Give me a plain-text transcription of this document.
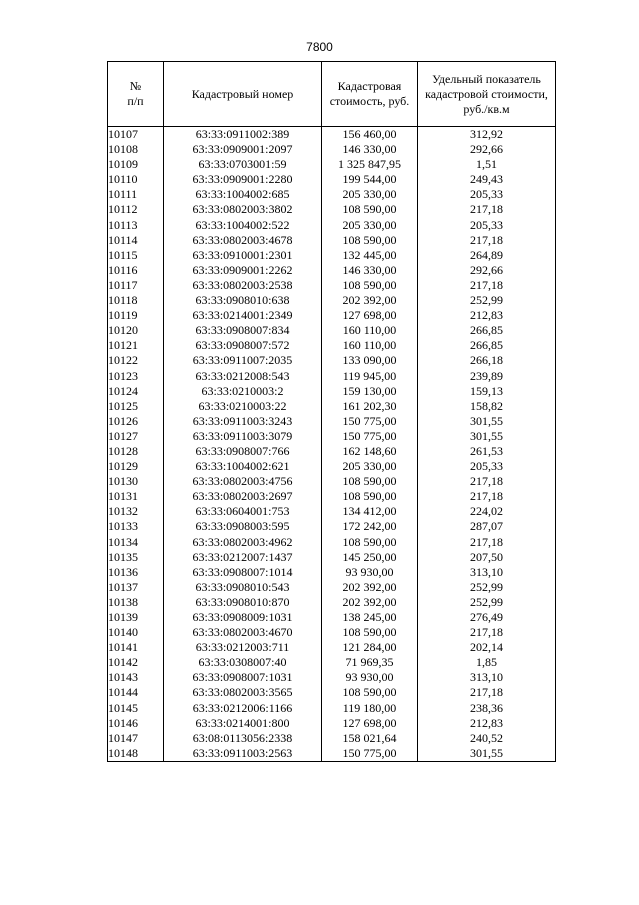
7800
№
п/п	Кадастровый номер	Кадастровая стоимость, руб.	Удельный показатель кадастровой стоимости, руб./кв.м
10107	63:33:0911002:389	156 460,00	312,92
10108	63:33:0909001:2097	146 330,00	292,66
10109	63:33:0703001:59	1 325 847,95	1,51
10110	63:33:0909001:2280	199 544,00	249,43
10111	63:33:1004002:685	205 330,00	205,33
10112	63:33:0802003:3802	108 590,00	217,18
10113	63:33:1004002:522	205 330,00	205,33
10114	63:33:0802003:4678	108 590,00	217,18
10115	63:33:0910001:2301	132 445,00	264,89
10116	63:33:0909001:2262	146 330,00	292,66
10117	63:33:0802003:2538	108 590,00	217,18
10118	63:33:0908010:638	202 392,00	252,99
10119	63:33:0214001:2349	127 698,00	212,83
10120	63:33:0908007:834	160 110,00	266,85
10121	63:33:0908007:572	160 110,00	266,85
10122	63:33:0911007:2035	133 090,00	266,18
10123	63:33:0212008:543	119 945,00	239,89
10124	63:33:0210003:2	159 130,00	159,13
10125	63:33:0210003:22	161 202,30	158,82
10126	63:33:0911003:3243	150 775,00	301,55
10127	63:33:0911003:3079	150 775,00	301,55
10128	63:33:0908007:766	162 148,60	261,53
10129	63:33:1004002:621	205 330,00	205,33
10130	63:33:0802003:4756	108 590,00	217,18
10131	63:33:0802003:2697	108 590,00	217,18
10132	63:33:0604001:753	134 412,00	224,02
10133	63:33:0908003:595	172 242,00	287,07
10134	63:33:0802003:4962	108 590,00	217,18
10135	63:33:0212007:1437	145 250,00	207,50
10136	63:33:0908007:1014	93 930,00	313,10
10137	63:33:0908010:543	202 392,00	252,99
10138	63:33:0908010:870	202 392,00	252,99
10139	63:33:0908009:1031	138 245,00	276,49
10140	63:33:0802003:4670	108 590,00	217,18
10141	63:33:0212003:711	121 284,00	202,14
10142	63:33:0308007:40	71 969,35	1,85
10143	63:33:0908007:1031	93 930,00	313,10
10144	63:33:0802003:3565	108 590,00	217,18
10145	63:33:0212006:1166	119 180,00	238,36
10146	63:33:0214001:800	127 698,00	212,83
10147	63:08:0113056:2338	158 021,64	240,52
10148	63:33:0911003:2563	150 775,00	301,55
